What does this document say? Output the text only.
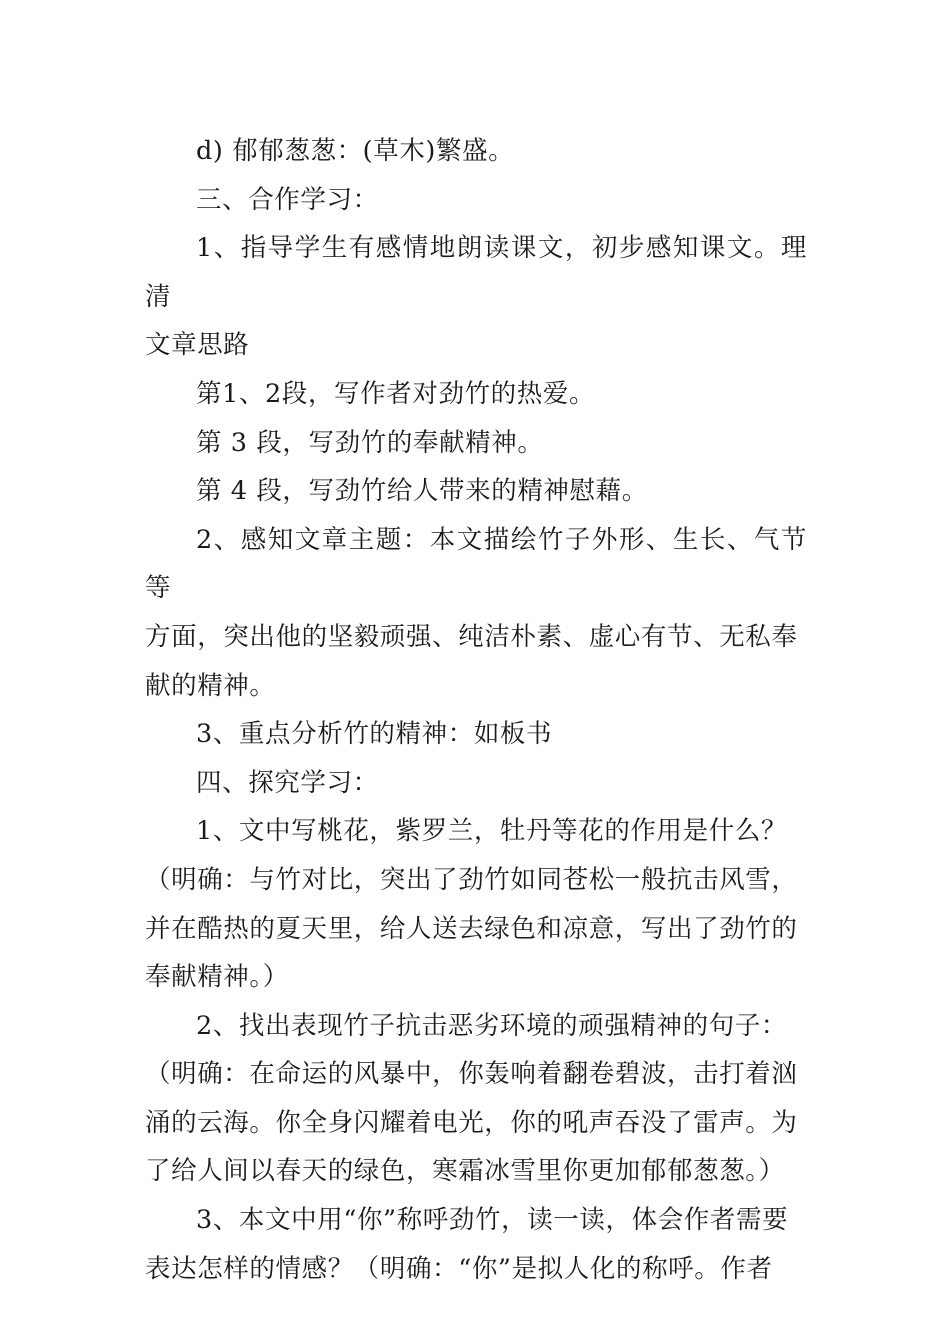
d) 郁郁葱葱：(草木)繁盛。
三、合作学习：
1、指导学生有感情地朗读课文，初步感知课文。理清
文章思路
第1、2段，写作者对劲竹的热爱。
第 3 段，写劲竹的奉献精神。
第 4 段，写劲竹给人带来的精神慰藉。
2、感知文章主题：本文描绘竹子外形、生长、气节等
方面，突出他的坚毅顽强、纯洁朴素、虚心有节、无私奉
献的精神。
3、重点分析竹的精神：如板书
四、探究学习：
1、文中写桃花，紫罗兰，牡丹等花的作用是什么？
（明确：与竹对比，突出了劲竹如同苍松一般抗击风雪，
并在酷热的夏天里，给人送去绿色和凉意，写出了劲竹的
奉献精神。）
2、找出表现竹子抗击恶劣环境的顽强精神的句子：
（明确：在命运的风暴中，你轰响着翻卷碧波，击打着汹
涌的云海。你全身闪耀着电光，你的吼声吞没了雷声。为
了给人间以春天的绿色，寒霜冰雪里你更加郁郁葱葱。）
3、本文中用“你”称呼劲竹，读一读，体会作者需要
表达怎样的情感？（明确：“你”是拟人化的称呼。作者
